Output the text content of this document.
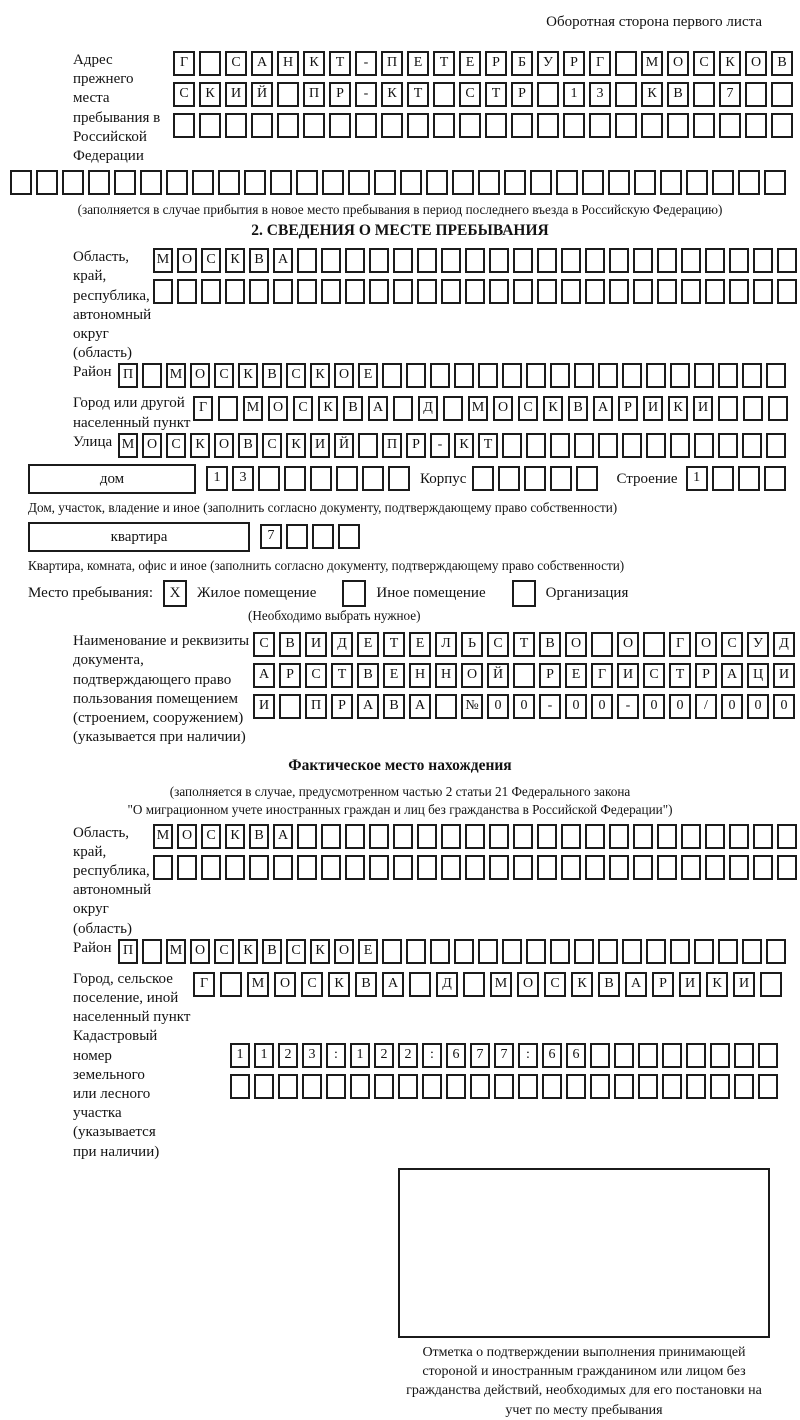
Оборотная сторона первого листа
Адрес прежнего места пребывания в Российской Федерации
Г	С	А	Н	К	Т	-	П	Е	Т	Е	Р	Б	У	Р	Г	М	О	С	К	О	В
С	К	И	Й	П	Р	-	К	Т	С	Т	Р	1	3	К	В	7
(заполняется в случае прибытия в новое место пребывания в период последнего въезда в Российскую Федерацию)
2. СВЕДЕНИЯ О МЕСТЕ ПРЕБЫВАНИЯ
Область, край, республика, автономный округ (область)
М О	С	К	В	А
Район П	М О	С	К	В	С	К	О	Е
Город или другой населенный пункт
Г	М О	С	К	В	А	Д	М О	С	К	В	А	Р	И	К	И
Улица М О	С	К	О	В	С	К	И Й	П	Р	-	К	Т
дом	1	3	Корпус	Строение	1
Дом, участок, владение и иное (заполнить согласно документу, подтверждающему право собственности)
квартира	7
Квартира, комната, офис и иное (заполнить согласно документу, подтверждающему право собственности)
Место пребывания:	X	Жилое помещение	Иное помещение	Организация
(Необходимо выбрать нужное)
Наименование и реквизиты документа, подтверждающего право пользования помещением (строением, сооружением) (указывается при наличии)
С	В	И	Д	Е	Т	Е	Л	Ь	С	Т	В	О	О	Г	О	С	У	Д
А	Р	С	Т	В	Е	Н	Н	О	Й	Р	Е	Г	И	С	Т	Р	А	Ц	И
И	П	Р	А	В	А	№	0	0	-	0	0	-	0	0	/	0	0	0
Фактическое место нахождения
(заполняется в случае, предусмотренном частью 2 статьи 21 Федерального закона
"О миграционном учете иностранных граждан и лиц без гражданства в Российской Федерации")
Область, край, республика, автономный округ (область)
М О	С	К	В	А
Район П	М О	С	К	В	С	К	О	Е
Город, сельское поселение, иной населенный пункт
Г	М	О	С	К	В	А	Д	М	О	С	К	В	А	Р	И	К	И
Кадастровый номер земельного или лесного участка (указывается при наличии)
1	1	2	3	:	1	2	2	:	6	7	7	:	6	6
Отметка о подтверждении выполнения принимающей стороной и иностранным гражданином или лицом без гражданства действий, необходимых для его постановки на учет по месту пребывания
